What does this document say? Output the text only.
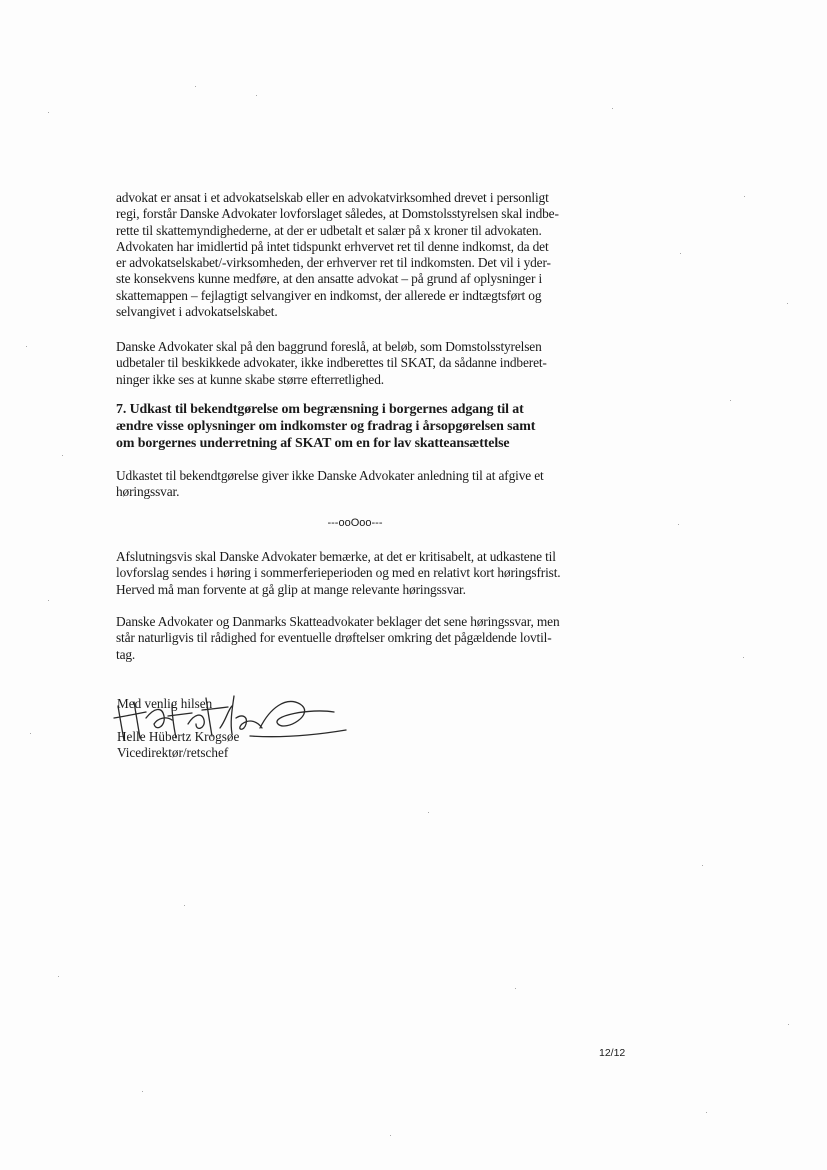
advokat er ansat i et advokatselskab eller en advokatvirksomhed drevet i personligt
regi, forstår Danske Advokater lovforslaget således, at Domstolsstyrelsen skal indbe-
rette til skattemyndighederne, at der er udbetalt et salær på x kroner til advokaten.
Advokaten har imidlertid på intet tidspunkt erhvervet ret til denne indkomst, da det
er advokatselskabet/-virksomheden, der erhverver ret til indkomsten. Det vil i yder-
ste konsekvens kunne medføre, at den ansatte advokat – på grund af oplysninger i
skattemappen – fejlagtigt selvangiver en indkomst, der allerede er indtægtsført og
selvangivet i advokatselskabet.
Danske Advokater skal på den baggrund foreslå, at beløb, som Domstolsstyrelsen
udbetaler til beskikkede advokater, ikke indberettes til SKAT, da sådanne indberet-
ninger ikke ses at kunne skabe større efterretlighed.
7. Udkast til bekendtgørelse om begrænsning i borgernes adgang til at
ændre visse oplysninger om indkomster og fradrag i årsopgørelsen samt
om borgernes underretning af SKAT om en for lav skatteansættelse
Udkastet til bekendtgørelse giver ikke Danske Advokater anledning til at afgive et
høringssvar.
---ooOoo---
Afslutningsvis skal Danske Advokater bemærke, at det er kritisabelt, at udkastene til
lovforslag sendes i høring i sommerferieperioden og med en relativt kort høringsfrist.
Herved må man forvente at gå glip at mange relevante høringssvar.
Danske Advokater og Danmarks Skatteadvokater beklager det sene høringssvar, men
står naturligvis til rådighed for eventuelle drøftelser omkring det pågældende lovtil-
tag.
Med venlig hilsen
Helle Hübertz Krogsøe
Vicedirektør/retschef
12/12
